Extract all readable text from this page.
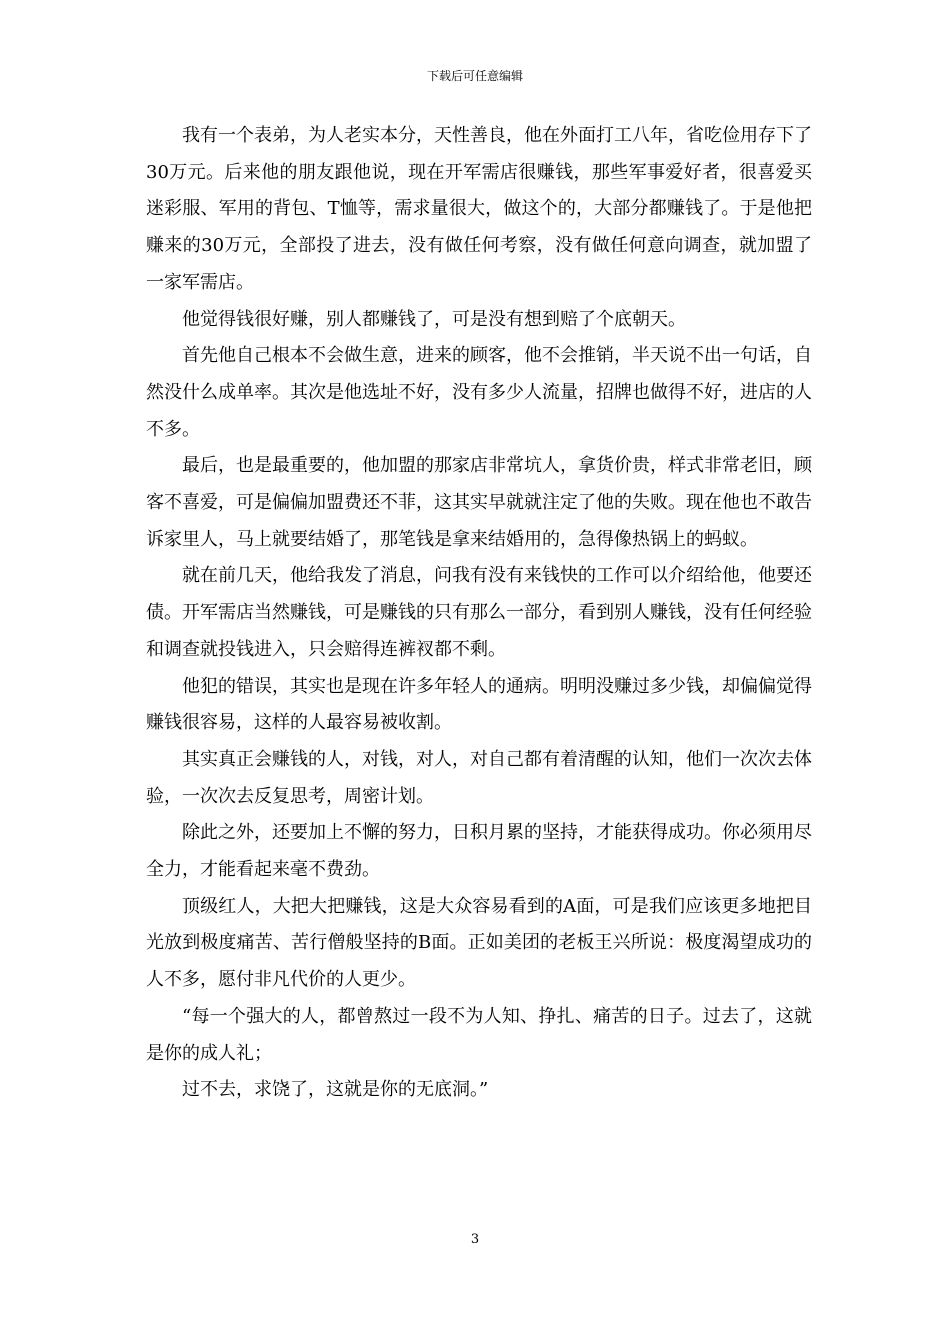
下载后可任意编辑

我有一个表弟，为人老实本分，天性善良，他在外面打工八年，省吃俭用存下了30万元。后来他的朋友跟他说，现在开军需店很赚钱，那些军事爱好者，很喜爱买迷彩服、军用的背包、T恤等，需求量很大，做这个的，大部分都赚钱了。于是他把赚来的30万元，全部投了进去，没有做任何考察，没有做任何意向调查，就加盟了一家军需店。

他觉得钱很好赚，别人都赚钱了，可是没有想到赔了个底朝天。

首先他自己根本不会做生意，进来的顾客，他不会推销，半天说不出一句话，自然没什么成单率。其次是他选址不好，没有多少人流量，招牌也做得不好，进店的人不多。

最后，也是最重要的，他加盟的那家店非常坑人，拿货价贵，样式非常老旧，顾客不喜爱，可是偏偏加盟费还不菲，这其实早就就注定了他的失败。现在他也不敢告诉家里人，马上就要结婚了，那笔钱是拿来结婚用的，急得像热锅上的蚂蚁。

就在前几天，他给我发了消息，问我有没有来钱快的工作可以介绍给他，他要还债。开军需店当然赚钱，可是赚钱的只有那么一部分，看到别人赚钱，没有任何经验和调查就投钱进入，只会赔得连裤衩都不剩。

他犯的错误，其实也是现在许多年轻人的通病。明明没赚过多少钱，却偏偏觉得赚钱很容易，这样的人最容易被收割。

其实真正会赚钱的人，对钱，对人，对自己都有着清醒的认知，他们一次次去体验，一次次去反复思考，周密计划。

除此之外，还要加上不懈的努力，日积月累的坚持，才能获得成功。你必须用尽全力，才能看起来毫不费劲。

顶级红人，大把大把赚钱，这是大众容易看到的A面，可是我们应该更多地把目光放到极度痛苦、苦行僧般坚持的B面。正如美团的老板王兴所说：极度渴望成功的人不多，愿付非凡代价的人更少。

“每一个强大的人，都曾熬过一段不为人知、挣扎、痛苦的日子。过去了，这就是你的成人礼；

过不去，求饶了，这就是你的无底洞。”

3
